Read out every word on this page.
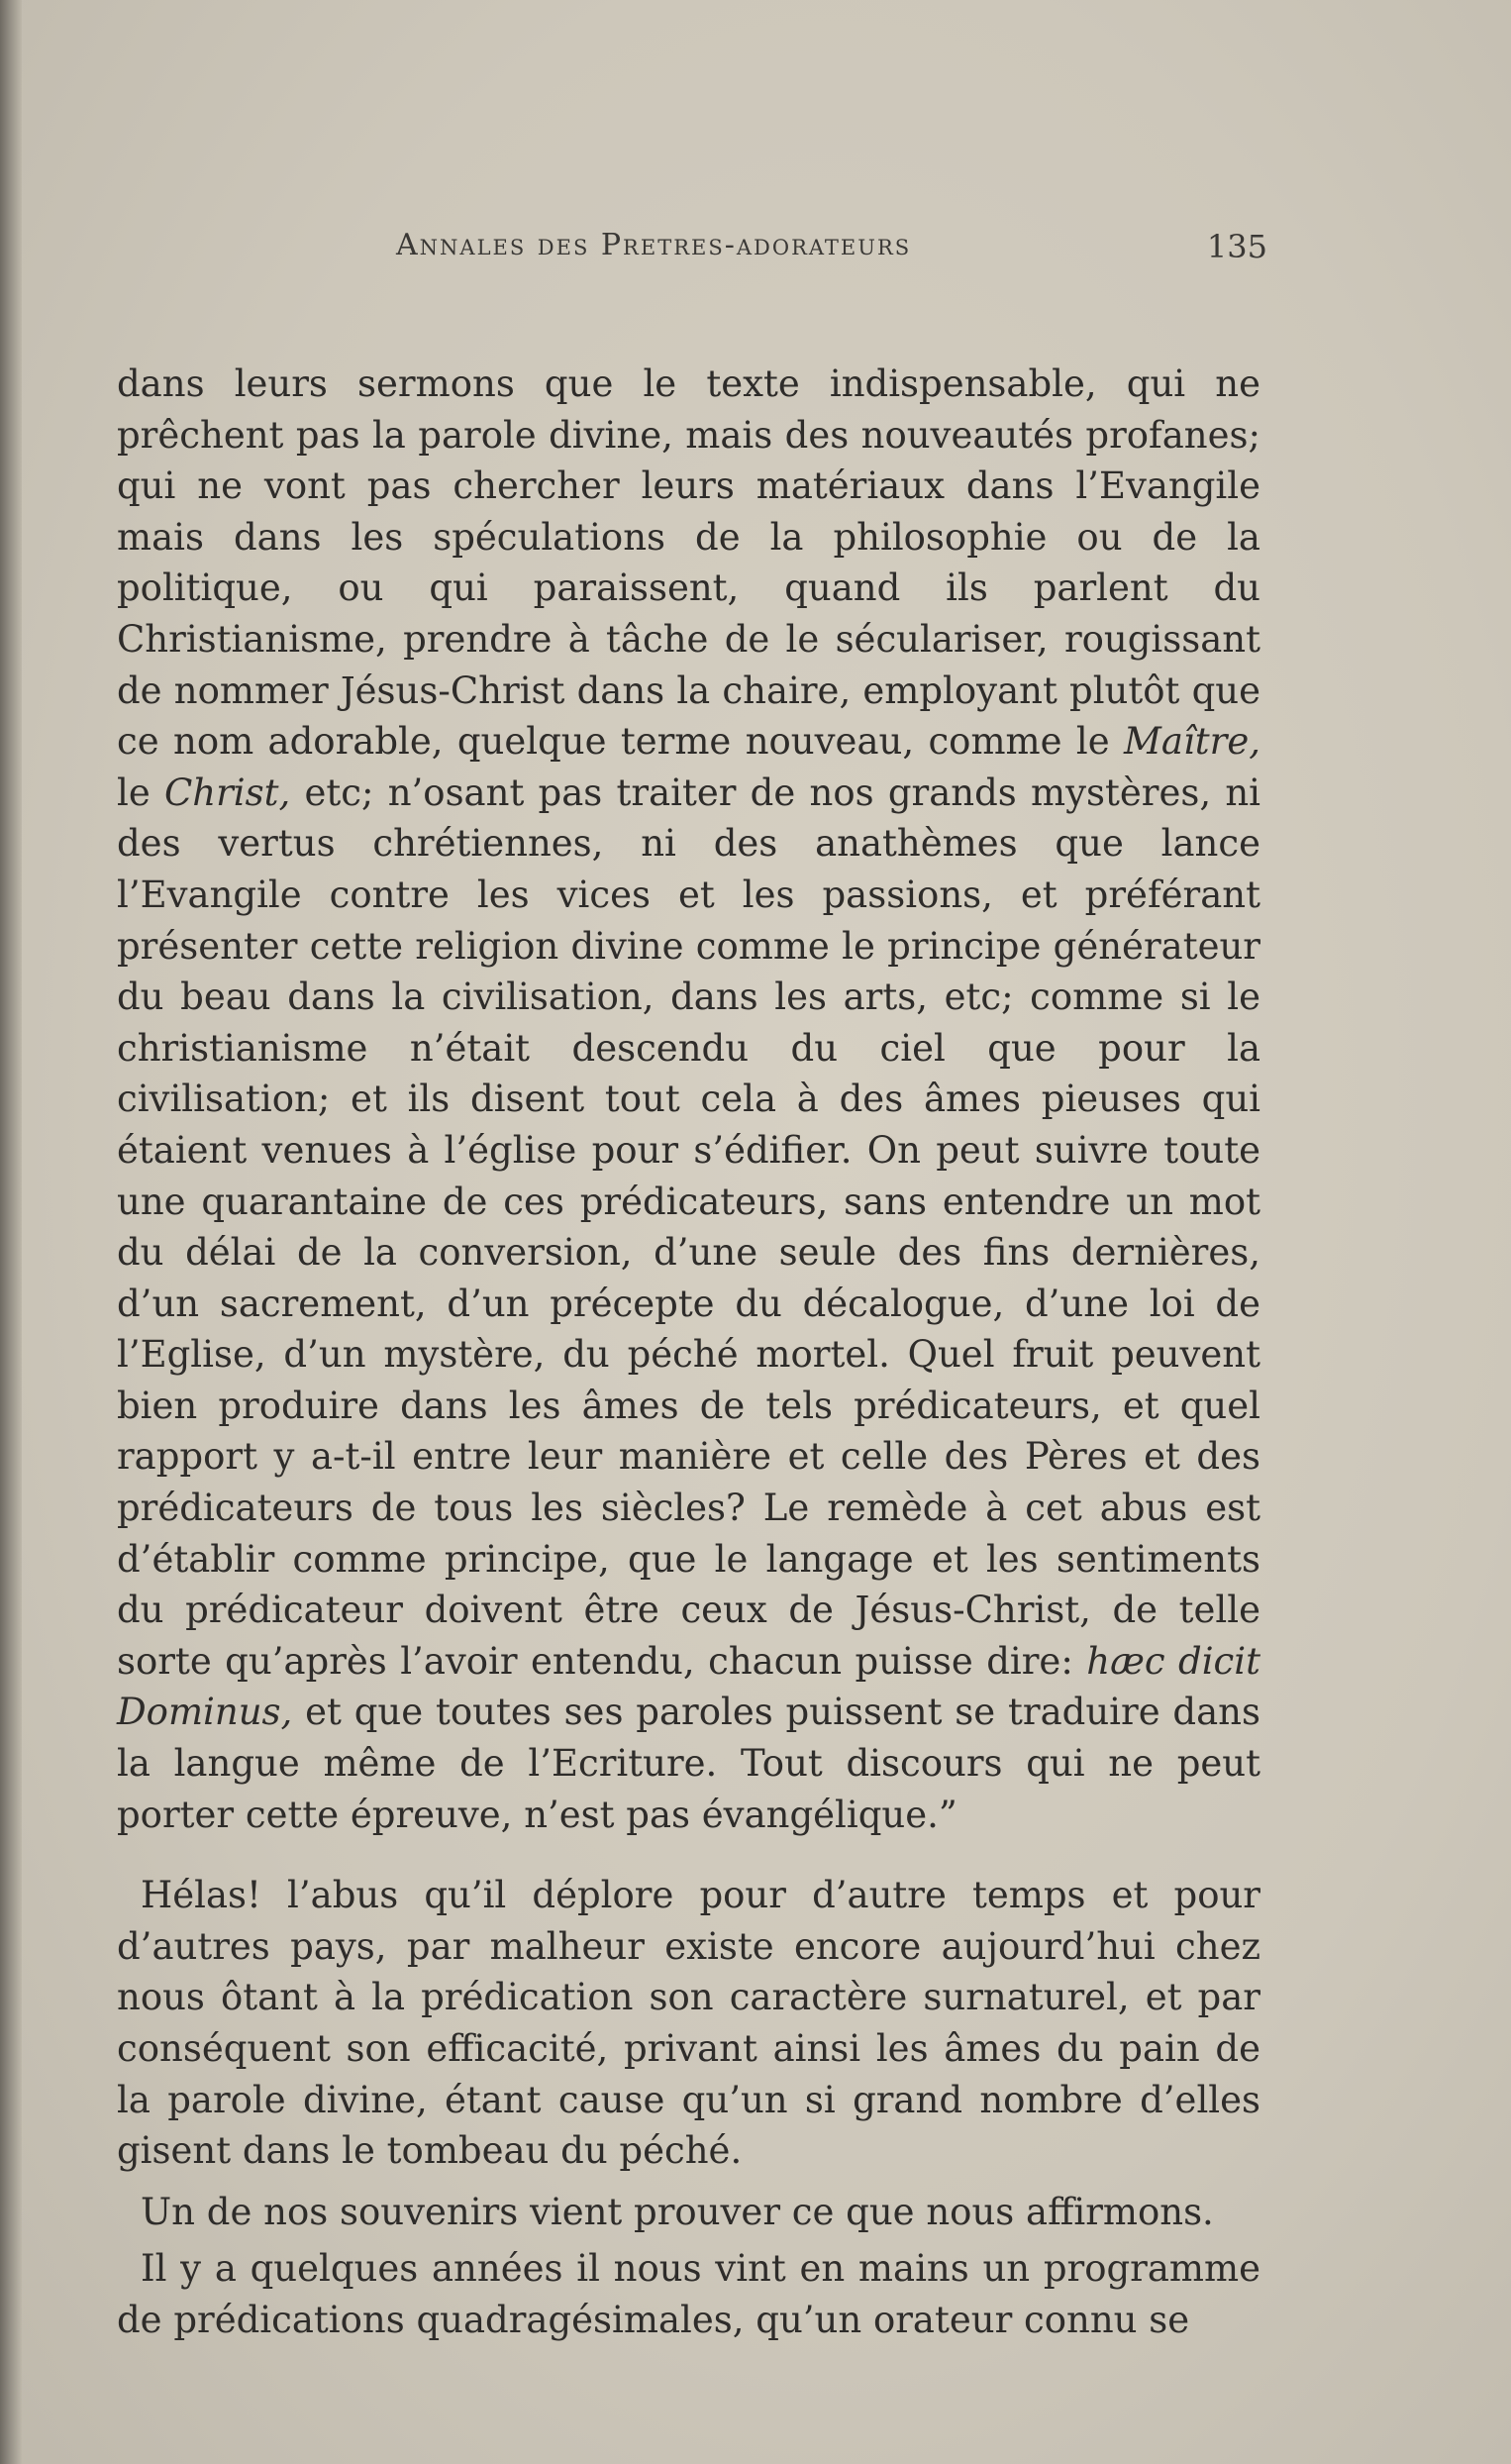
Annales des Pretres-adorateurs	135

dans leurs sermons que le texte indispensable, qui ne prêchent pas la parole divine, mais des nouveautés profanes; qui ne vont pas chercher leurs matériaux dans l’Evangile mais dans les spéculations de la philosophie ou de la politique, ou qui paraissent, quand ils parlent du Christianisme, prendre à tâche de le séculariser, rougissant de nommer Jésus-Christ dans la chaire, employant plutôt que ce nom adorable, quelque terme nouveau, comme le Maître, le Christ, etc; n’osant pas traiter de nos grands mystères, ni des vertus chrétiennes, ni des anathèmes que lance l’Evangile contre les vices et les passions, et préférant présenter cette religion divine comme le principe générateur du beau dans la civilisation, dans les arts, etc; comme si le christianisme n’était descendu du ciel que pour la civilisation; et ils disent tout cela à des âmes pieuses qui étaient venues à l’église pour s’édifier. On peut suivre toute une quarantaine de ces prédicateurs, sans entendre un mot du délai de la conversion, d’une seule des fins dernières, d’un sacrement, d’un précepte du décalogue, d’une loi de l’Eglise, d’un mystère, du péché mortel. Quel fruit peuvent bien produire dans les âmes de tels prédicateurs, et quel rapport y a-t-il entre leur manière et celle des Pères et des prédicateurs de tous les siècles? Le remède à cet abus est d’établir comme principe, que le langage et les sentiments du prédicateur doivent être ceux de Jésus-Christ, de telle sorte qu’après l’avoir entendu, chacun puisse dire: hæc dicit Dominus, et que toutes ses paroles puissent se traduire dans la langue même de l’Ecriture. Tout discours qui ne peut porter cette épreuve, n’est pas évangélique.”

Hélas! l’abus qu’il déplore pour d’autre temps et pour d’autres pays, par malheur existe encore aujourd’hui chez nous ôtant à la prédication son caractère surnaturel, et par conséquent son efficacité, privant ainsi les âmes du pain de la parole divine, étant cause qu’un si grand nombre d’elles gisent dans le tombeau du péché.

Un de nos souvenirs vient prouver ce que nous affirmons.

Il y a quelques années il nous vint en mains un programme de prédications quadragésimales, qu’un orateur connu se
